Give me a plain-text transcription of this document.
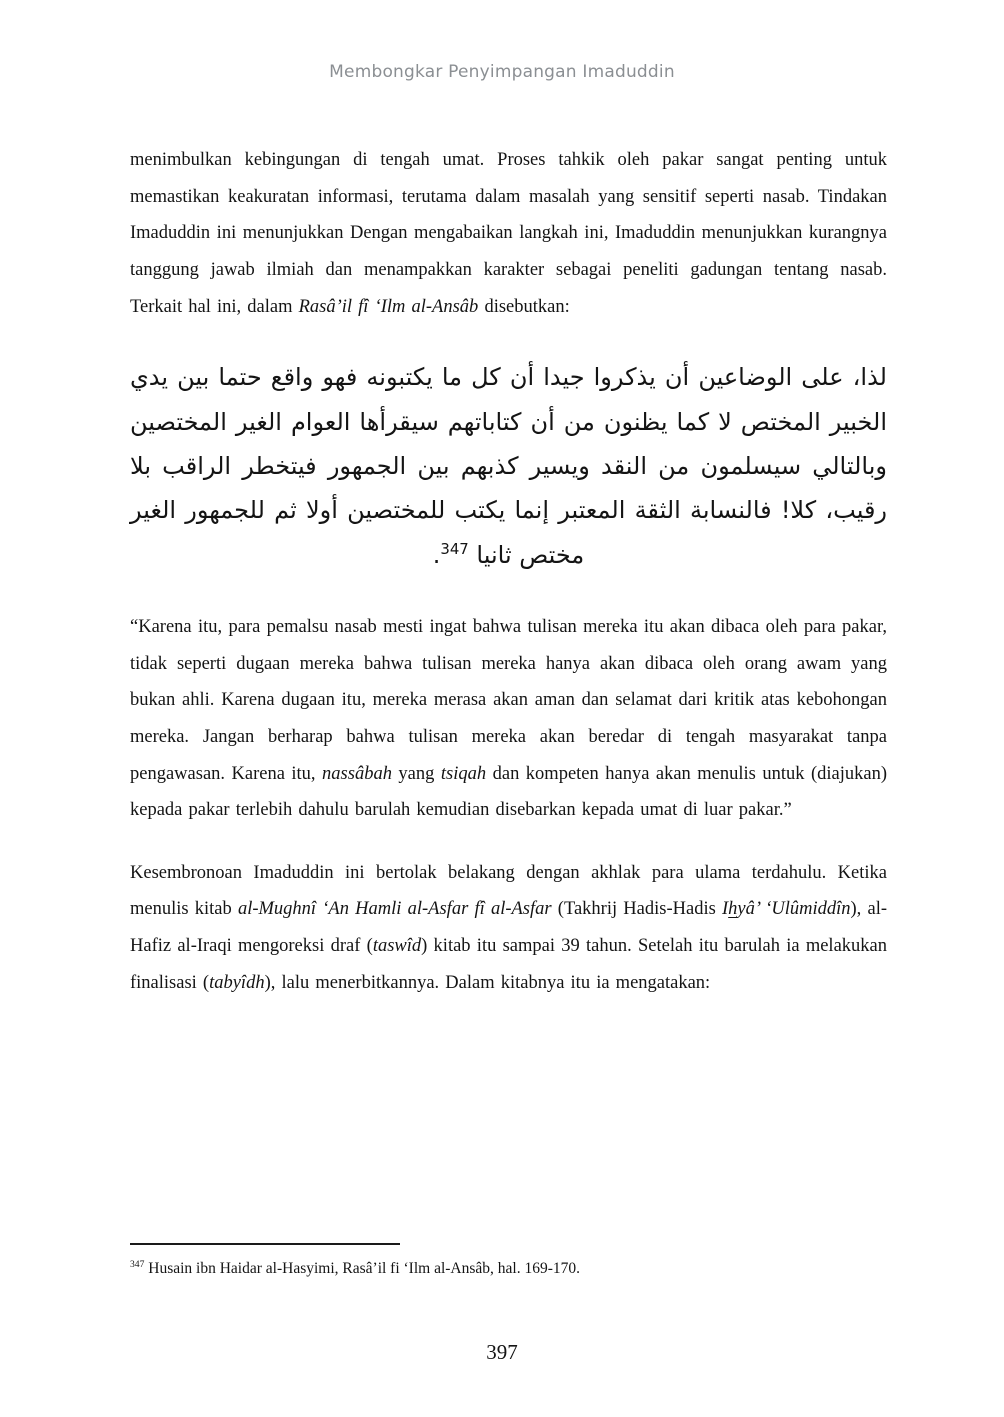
Membongkar Penyimpangan Imaduddin

menimbulkan kebingungan di tengah umat. Proses tahkik oleh pakar sangat penting untuk memastikan keakuratan informasi, terutama dalam masalah yang sensitif seperti nasab. Tindakan Imaduddin ini menunjukkan Dengan mengabaikan langkah ini, Imaduddin menunjukkan kurangnya tanggung jawab ilmiah dan menampakkan karakter sebagai peneliti gadungan tentang nasab. Terkait hal ini, dalam Rasâ’il fî ‘Ilm al-Ansâb disebutkan:

لذا، على الوضاعين أن يذكروا جيدا أن كل ما يكتبونه فهو واقع حتما بين يدي الخبير المختص لا كما يظنون من أن كتاباتهم سيقرأها العوام الغير المختصين وبالتالي سيسلمون من النقد ويسير كذبهم بين الجمهور فيتخطر الراقب بلا رقيب، كلا! فالنسابة الثقة المعتبر إنما يكتب للمختصين أولا ثم للجمهور الغير مختص ثانيا $^{347}$.

“Karena itu, para pemalsu nasab mesti ingat bahwa tulisan mereka itu akan dibaca oleh para pakar, tidak seperti dugaan mereka bahwa tulisan mereka hanya akan dibaca oleh orang awam yang bukan ahli. Karena dugaan itu, mereka merasa akan aman dan selamat dari kritik atas kebohongan mereka. Jangan berharap bahwa tulisan mereka akan beredar di tengah masyarakat tanpa pengawasan. Karena itu, nassâbah yang tsiqah dan kompeten hanya akan menulis untuk (diajukan) kepada pakar terlebih dahulu barulah kemudian disebarkan kepada umat di luar pakar.”

Kesembronoan Imaduddin ini bertolak belakang dengan akhlak para ulama terdahulu. Ketika menulis kitab al-Mughnî ‘An Hamli al-Asfar fî al-Asfar (Takhrij Hadis-Hadis Ihyâ’ ‘Ulûmiddîn), al-Hafiz al-Iraqi mengoreksi draf (taswîd) kitab itu sampai 39 tahun. Setelah itu barulah ia melakukan finalisasi (tabyîdh), lalu menerbitkannya. Dalam kitabnya itu ia mengatakan:

$^{347}$ Husain ibn Haidar al-Hasyimi, Rasâ’il fi ‘Ilm al-Ansâb, hal. 169-170.
397
